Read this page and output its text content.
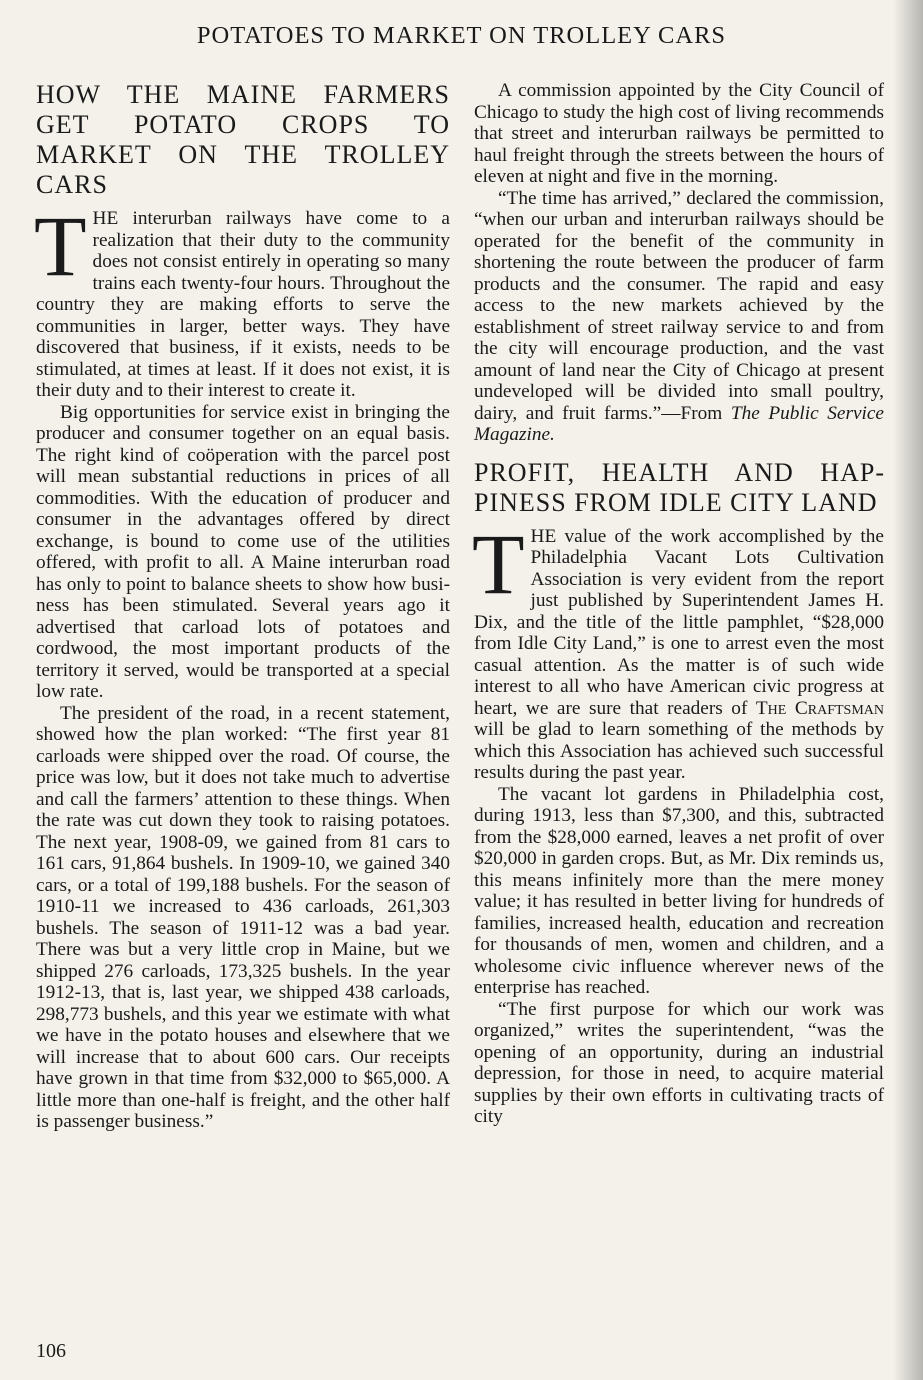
POTATOES TO MARKET ON TROLLEY CARS
HOW THE MAINE FARMERS GET POTATO CROPS TO MARKET ON THE TROLLEY CARS

THE interurban railways have come to a realization that their duty to the community does not consist entirely in operating so many trains each twenty-four hours. Throughout the country they are making efforts to serve the communities in larger, better ways. They have discovered that business, if it exists, needs to be stimulated, at times at least. If it does not exist, it is their duty and to their interest to create it.

Big opportunities for service exist in bringing the producer and consumer together on an equal basis. The right kind of coöperation with the parcel post will mean substantial reductions in prices of all commodities. With the education of producer and consumer in the advantages offered by direct exchange, is bound to come use of the utilities offered, with profit to all. A Maine interurban road has only to point to balance sheets to show how business has been stimulated. Several years ago it advertised that carload lots of potatoes and cordwood, the most important products of the territory it served, would be transported at a special low rate.

The president of the road, in a recent statement, showed how the plan worked: “The first year 81 carloads were shipped over the road. Of course, the price was low, but it does not take much to advertise and call the farmers’ attention to these things. When the rate was cut down they took to raising potatoes. The next year, 1908-09, we gained from 81 cars to 161 cars, 91,864 bushels. In 1909-10, we gained 340 cars, or a total of 199,188 bushels. For the season of 1910-11 we increased to 436 carloads, 261,303 bushels. The season of 1911-12 was a bad year. There was but a very little crop in Maine, but we shipped 276 carloads, 173,325 bushels. In the year 1912-13, that is, last year, we shipped 438 carloads, 298,773 bushels, and this year we estimate with what we have in the potato houses and elsewhere that we will increase that to about 600 cars. Our receipts have grown in that time from $32,000 to $65,000. A little more than one-half is freight, and the other half is passenger business.”

A commission appointed by the City Council of Chicago to study the high cost of living recommends that street and interurban railways be permitted to haul freight through the streets between the hours of eleven at night and five in the morning.

“The time has arrived,” declared the commission, “when our urban and interurban railways should be operated for the benefit of the community in shortening the route between the producer of farm products and the consumer. The rapid and easy access to the new markets achieved by the establishment of street railway service to and from the city will encourage production, and the vast amount of land near the City of Chicago at present undeveloped will be divided into small poultry, dairy, and fruit farms.”—From The Public Service Magazine.

PROFIT, HEALTH AND HAPPINESS FROM IDLE CITY LAND

THE value of the work accomplished by the Philadelphia Vacant Lots Cultivation Association is very evident from the report just published by Superintendent James H. Dix, and the title of the little pamphlet, “$28,000 from Idle City Land,” is one to arrest even the most casual attention. As the matter is of such wide interest to all who have American civic progress at heart, we are sure that readers of The Craftsman will be glad to learn something of the methods by which this Association has achieved such successful results during the past year.

The vacant lot gardens in Philadelphia cost, during 1913, less than $7,300, and this, subtracted from the $28,000 earned, leaves a net profit of over $20,000 in garden crops. But, as Mr. Dix reminds us, this means infinitely more than the mere money value; it has resulted in better living for hundreds of families, increased health, education and recreation for thousands of men, women and children, and a wholesome civic influence wherever news of the enterprise has reached.

“The first purpose for which our work was organized,” writes the superintendent, “was the opening of an opportunity, during an industrial depression, for those in need, to acquire material supplies by their own efforts in cultivating tracts of city

106
